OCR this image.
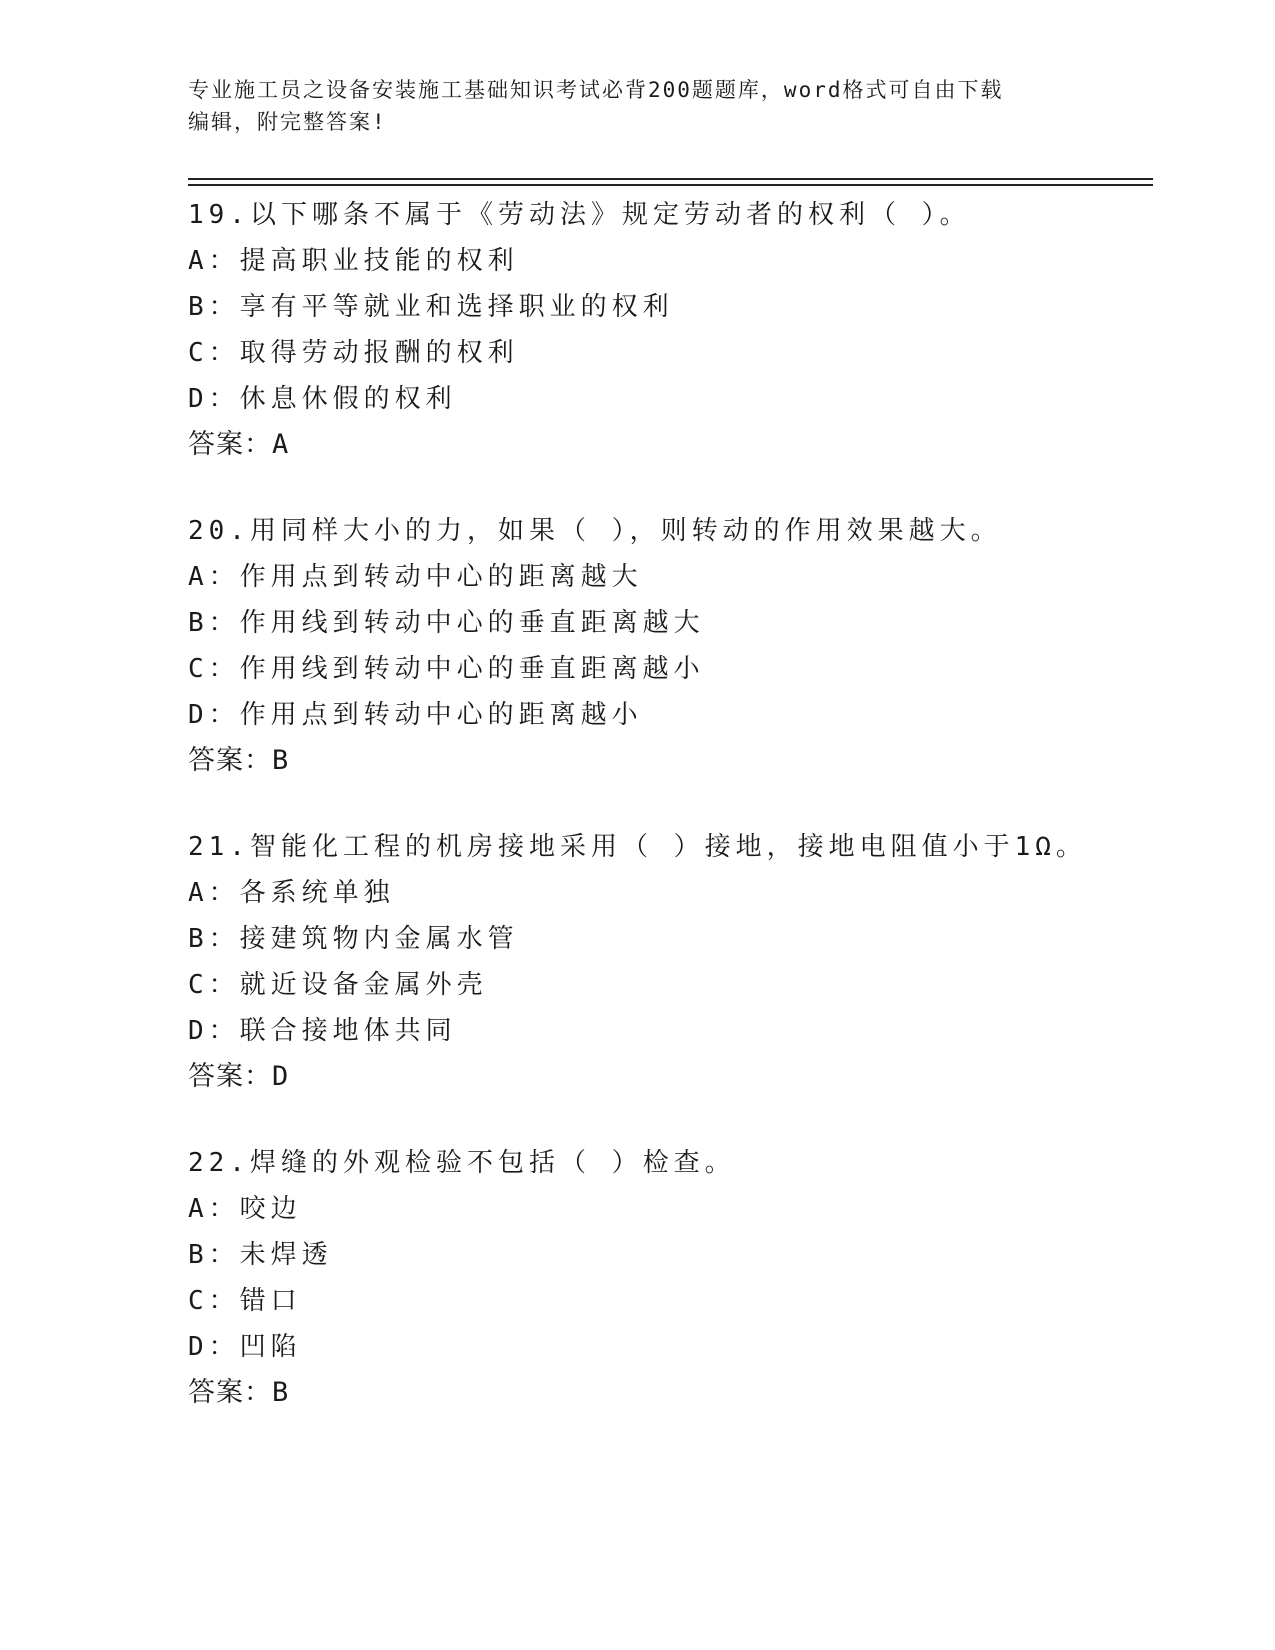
专业施工员之设备安装施工基础知识考试必背200题题库，word格式可自由下载
编辑，附完整答案!
19.以下哪条不属于《劳动法》规定劳动者的权利（ ）。
A：提高职业技能的权利
B：享有平等就业和选择职业的权利
C：取得劳动报酬的权利
D：休息休假的权利
答案：A
20.用同样大小的力，如果（ ），则转动的作用效果越大。
A：作用点到转动中心的距离越大
B：作用线到转动中心的垂直距离越大
C：作用线到转动中心的垂直距离越小
D：作用点到转动中心的距离越小
答案：B
21.智能化工程的机房接地采用（ ）接地，接地电阻值小于1Ω。
A：各系统单独
B：接建筑物内金属水管
C：就近设备金属外壳
D：联合接地体共同
答案：D
22.焊缝的外观检验不包括（ ）检查。
A：咬边
B：未焊透
C：错口
D：凹陷
答案：B
